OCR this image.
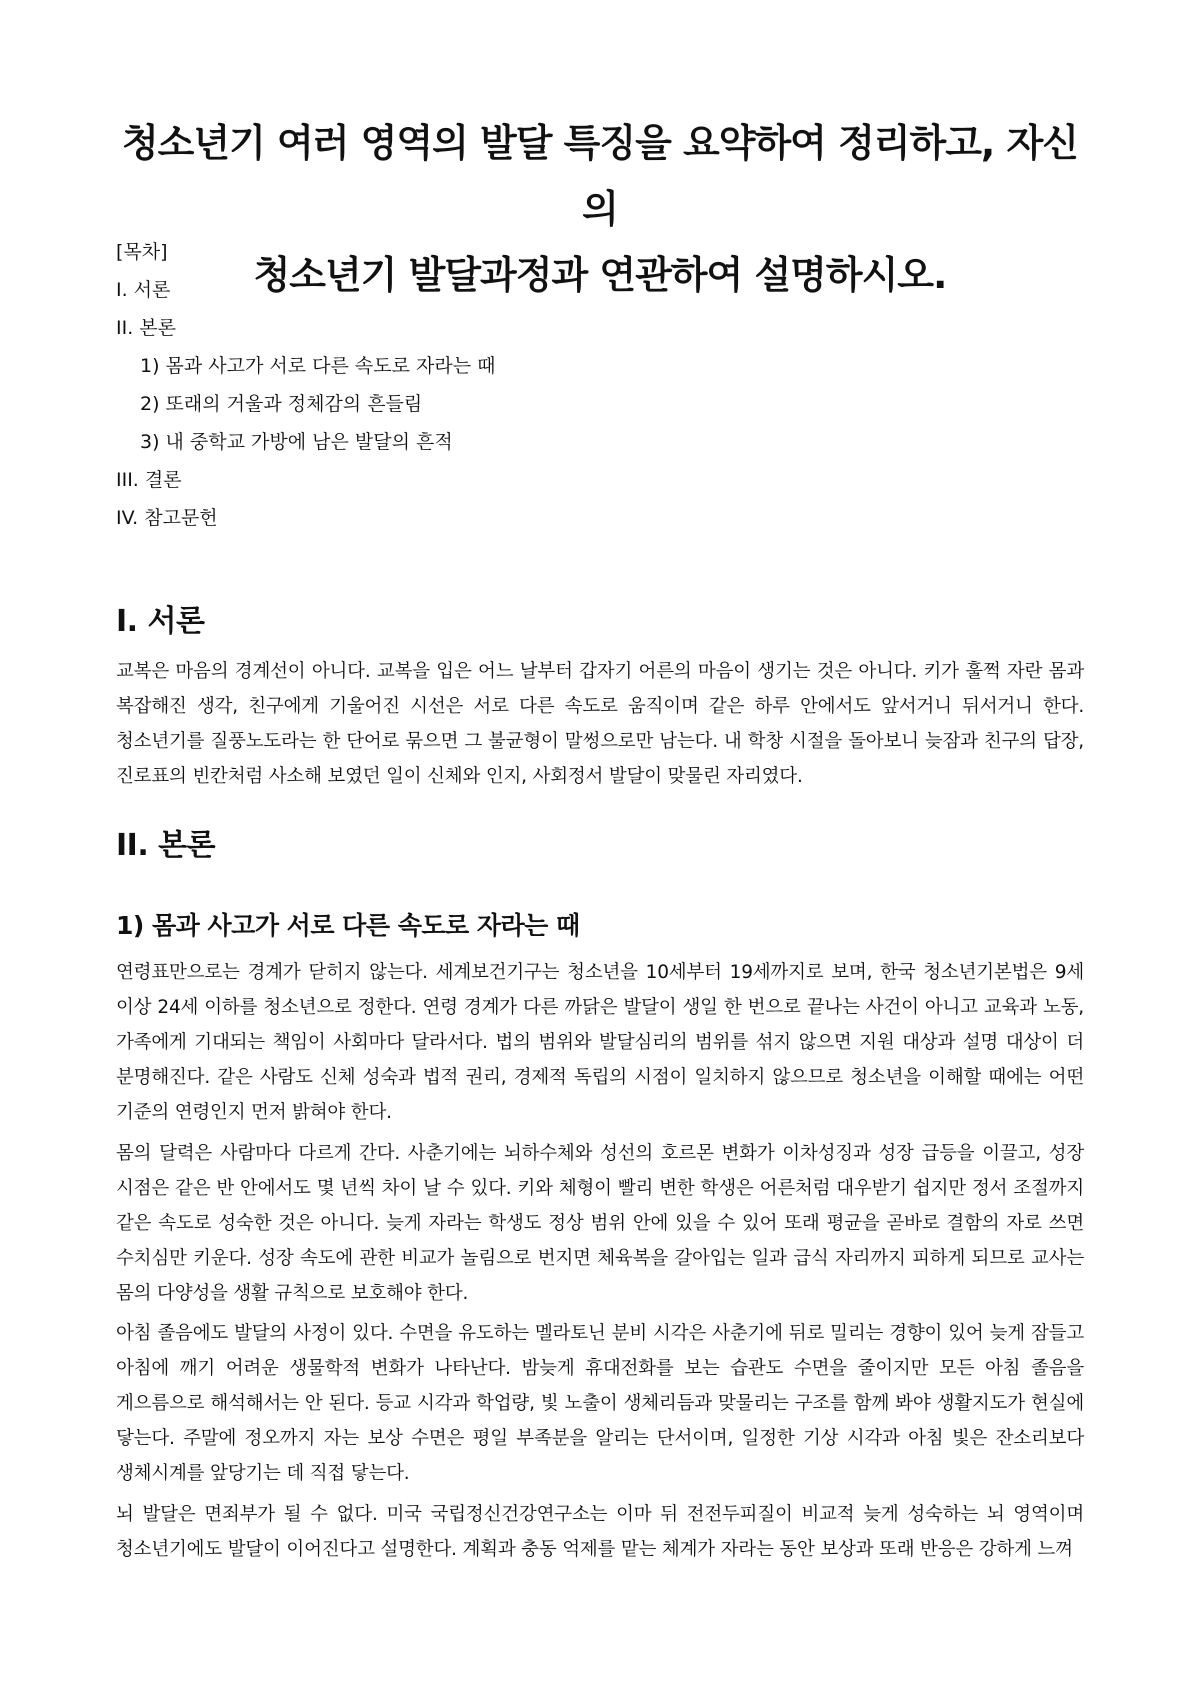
청소년기 여러 영역의 발달 특징을 요약하여 정리하고, 자신의
청소년기 발달과정과 연관하여 설명하시오.
[목차]
I. 서론
II. 본론
1) 몸과 사고가 서로 다른 속도로 자라는 때
2) 또래의 거울과 정체감의 흔들림
3) 내 중학교 가방에 남은 발달의 흔적
III. 결론
IV. 참고문헌
I. 서론

교복은 마음의 경계선이 아니다. 교복을 입은 어느 날부터 갑자기 어른의 마음이 생기는 것은 아니다. 키가 훌쩍 자란 몸과 복잡해진 생각, 친구에게 기울어진 시선은 서로 다른 속도로 움직이며 같은 하루 안에서도 앞서거니 뒤서거니 한다. 청소년기를 질풍노도라는 한 단어로 묶으면 그 불균형이 말썽으로만 남는다. 내 학창 시절을 돌아보니 늦잠과 친구의 답장, 진로표의 빈칸처럼 사소해 보였던 일이 신체와 인지, 사회정서 발달이 맞물린 자리였다.

II. 본론
1) 몸과 사고가 서로 다른 속도로 자라는 때

연령표만으로는 경계가 닫히지 않는다. 세계보건기구는 청소년을 10세부터 19세까지로 보며, 한국 청소년기본법은 9세 이상 24세 이하를 청소년으로 정한다. 연령 경계가 다른 까닭은 발달이 생일 한 번으로 끝나는 사건이 아니고 교육과 노동, 가족에게 기대되는 책임이 사회마다 달라서다. 법의 범위와 발달심리의 범위를 섞지 않으면 지원 대상과 설명 대상이 더 분명해진다. 같은 사람도 신체 성숙과 법적 권리, 경제적 독립의 시점이 일치하지 않으므로 청소년을 이해할 때에는 어떤 기준의 연령인지 먼저 밝혀야 한다.

몸의 달력은 사람마다 다르게 간다. 사춘기에는 뇌하수체와 성선의 호르몬 변화가 이차성징과 성장 급등을 이끌고, 성장 시점은 같은 반 안에서도 몇 년씩 차이 날 수 있다. 키와 체형이 빨리 변한 학생은 어른처럼 대우받기 쉽지만 정서 조절까지 같은 속도로 성숙한 것은 아니다. 늦게 자라는 학생도 정상 범위 안에 있을 수 있어 또래 평균을 곧바로 결함의 자로 쓰면 수치심만 키운다. 성장 속도에 관한 비교가 놀림으로 번지면 체육복을 갈아입는 일과 급식 자리까지 피하게 되므로 교사는 몸의 다양성을 생활 규칙으로 보호해야 한다.

아침 졸음에도 발달의 사정이 있다. 수면을 유도하는 멜라토닌 분비 시각은 사춘기에 뒤로 밀리는 경향이 있어 늦게 잠들고 아침에 깨기 어려운 생물학적 변화가 나타난다. 밤늦게 휴대전화를 보는 습관도 수면을 줄이지만 모든 아침 졸음을 게으름으로 해석해서는 안 된다. 등교 시각과 학업량, 빛 노출이 생체리듬과 맞물리는 구조를 함께 봐야 생활지도가 현실에 닿는다. 주말에 정오까지 자는 보상 수면은 평일 부족분을 알리는 단서이며, 일정한 기상 시각과 아침 빛은 잔소리보다 생체시계를 앞당기는 데 직접 닿는다.

뇌 발달은 면죄부가 될 수 없다. 미국 국립정신건강연구소는 이마 뒤 전전두피질이 비교적 늦게 성숙하는 뇌 영역이며 청소년기에도 발달이 이어진다고 설명한다. 계획과 충동 억제를 맡는 체계가 자라는 동안 보상과 또래 반응은 강하게 느껴
